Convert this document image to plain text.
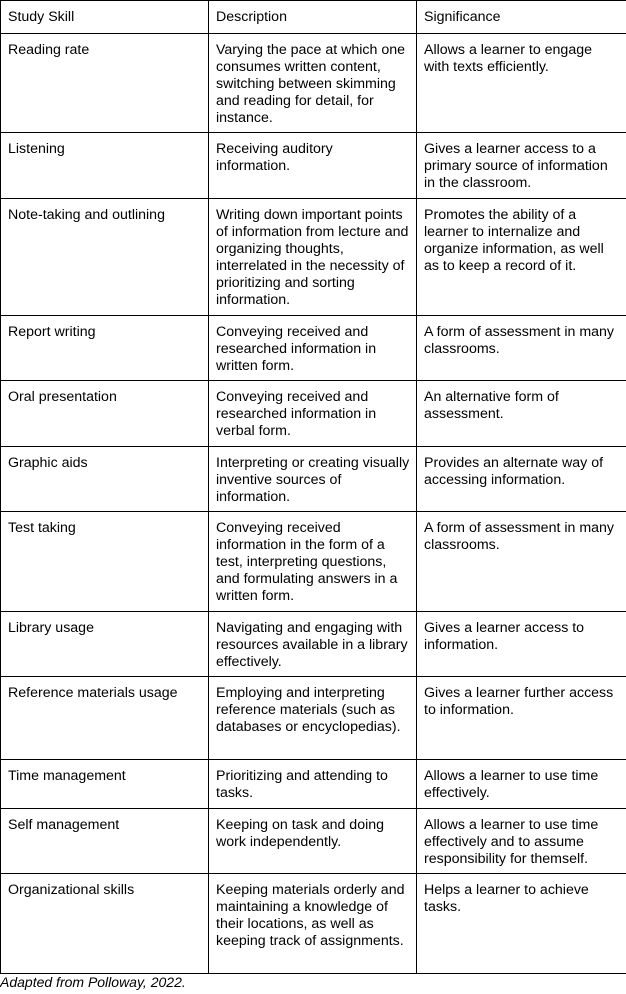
Study Skill	Description	Significance
Reading rate	Varying the pace at which one consumes written content, switching between skimming and reading for detail, for instance.	Allows a learner to engage with texts efficiently.
Listening	Receiving auditory information.	Gives a learner access to a primary source of information in the classroom.
Note-taking and outlining	Writing down important points of information from lecture and organizing thoughts, interrelated in the necessity of prioritizing and sorting information.	Promotes the ability of a learner to internalize and organize information, as well as to keep a record of it.
Report writing	Conveying received and researched information in written form.	A form of assessment in many classrooms.
Oral presentation	Conveying received and researched information in verbal form.	An alternative form of assessment.
Graphic aids	Interpreting or creating visually inventive sources of information.	Provides an alternate way of accessing information.
Test taking	Conveying received information in the form of a test, interpreting questions, and formulating answers in a written form.	A form of assessment in many classrooms.
Library usage	Navigating and engaging with resources available in a library effectively.	Gives a learner access to information.
Reference materials usage	Employing and interpreting reference materials (such as databases or encyclopedias).	Gives a learner further access to information.
Time management	Prioritizing and attending to tasks.	Allows a learner to use time effectively.
Self management	Keeping on task and doing work independently.	Allows a learner to use time effectively and to assume responsibility for themself.
Organizational skills	Keeping materials orderly and maintaining a knowledge of their locations, as well as keeping track of assignments.	Helps a learner to achieve tasks.
Adapted from Polloway, 2022.
